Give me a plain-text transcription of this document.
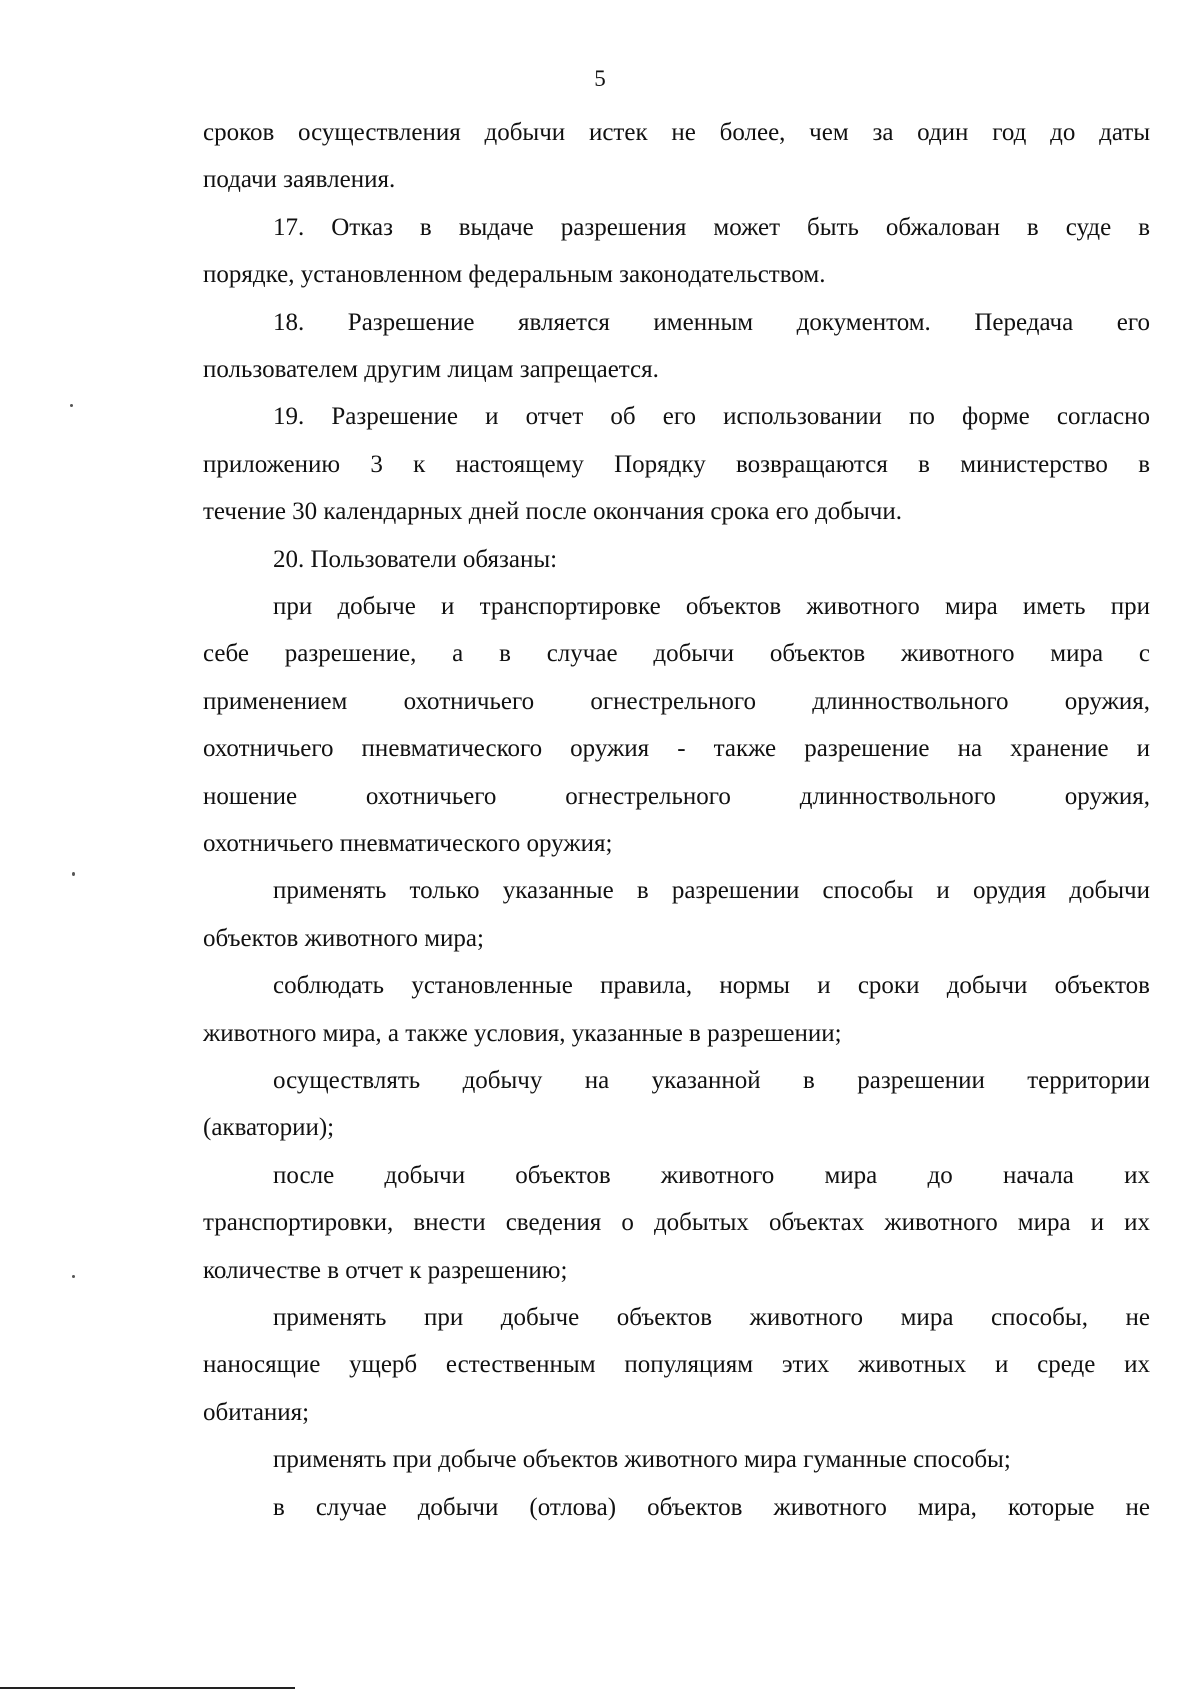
5
сроков осуществления добычи истек не более, чем за один год до даты
подачи заявления.
17. Отказ в выдаче разрешения может быть обжалован в суде в
порядке, установленном федеральным законодательством.
18. Разрешение является именным документом. Передача его
пользователем другим лицам запрещается.
19. Разрешение и отчет об его использовании по форме согласно
приложению 3 к настоящему Порядку возвращаются в министерство в
течение 30 календарных дней после окончания срока его добычи.
20. Пользователи обязаны:
при добыче и транспортировке объектов животного мира иметь при
себе разрешение, а в случае добычи объектов животного мира с
применением охотничьего огнестрельного длинноствольного оружия,
охотничьего пневматического оружия - также разрешение на хранение и
ношение охотничьего огнестрельного длинноствольного оружия,
охотничьего пневматического оружия;
применять только указанные в разрешении способы и орудия добычи
объектов животного мира;
соблюдать установленные правила, нормы и сроки добычи объектов
животного мира, а также условия, указанные в разрешении;
осуществлять добычу на указанной в разрешении территории
(акватории);
после добычи объектов животного мира до начала их
транспортировки, внести сведения о добытых объектах животного мира и их
количестве в отчет к разрешению;
применять при добыче объектов животного мира способы, не
наносящие ущерб естественным популяциям этих животных и среде их
обитания;
применять при добыче объектов животного мира гуманные способы;
в случае добычи (отлова) объектов животного мира, которые не
